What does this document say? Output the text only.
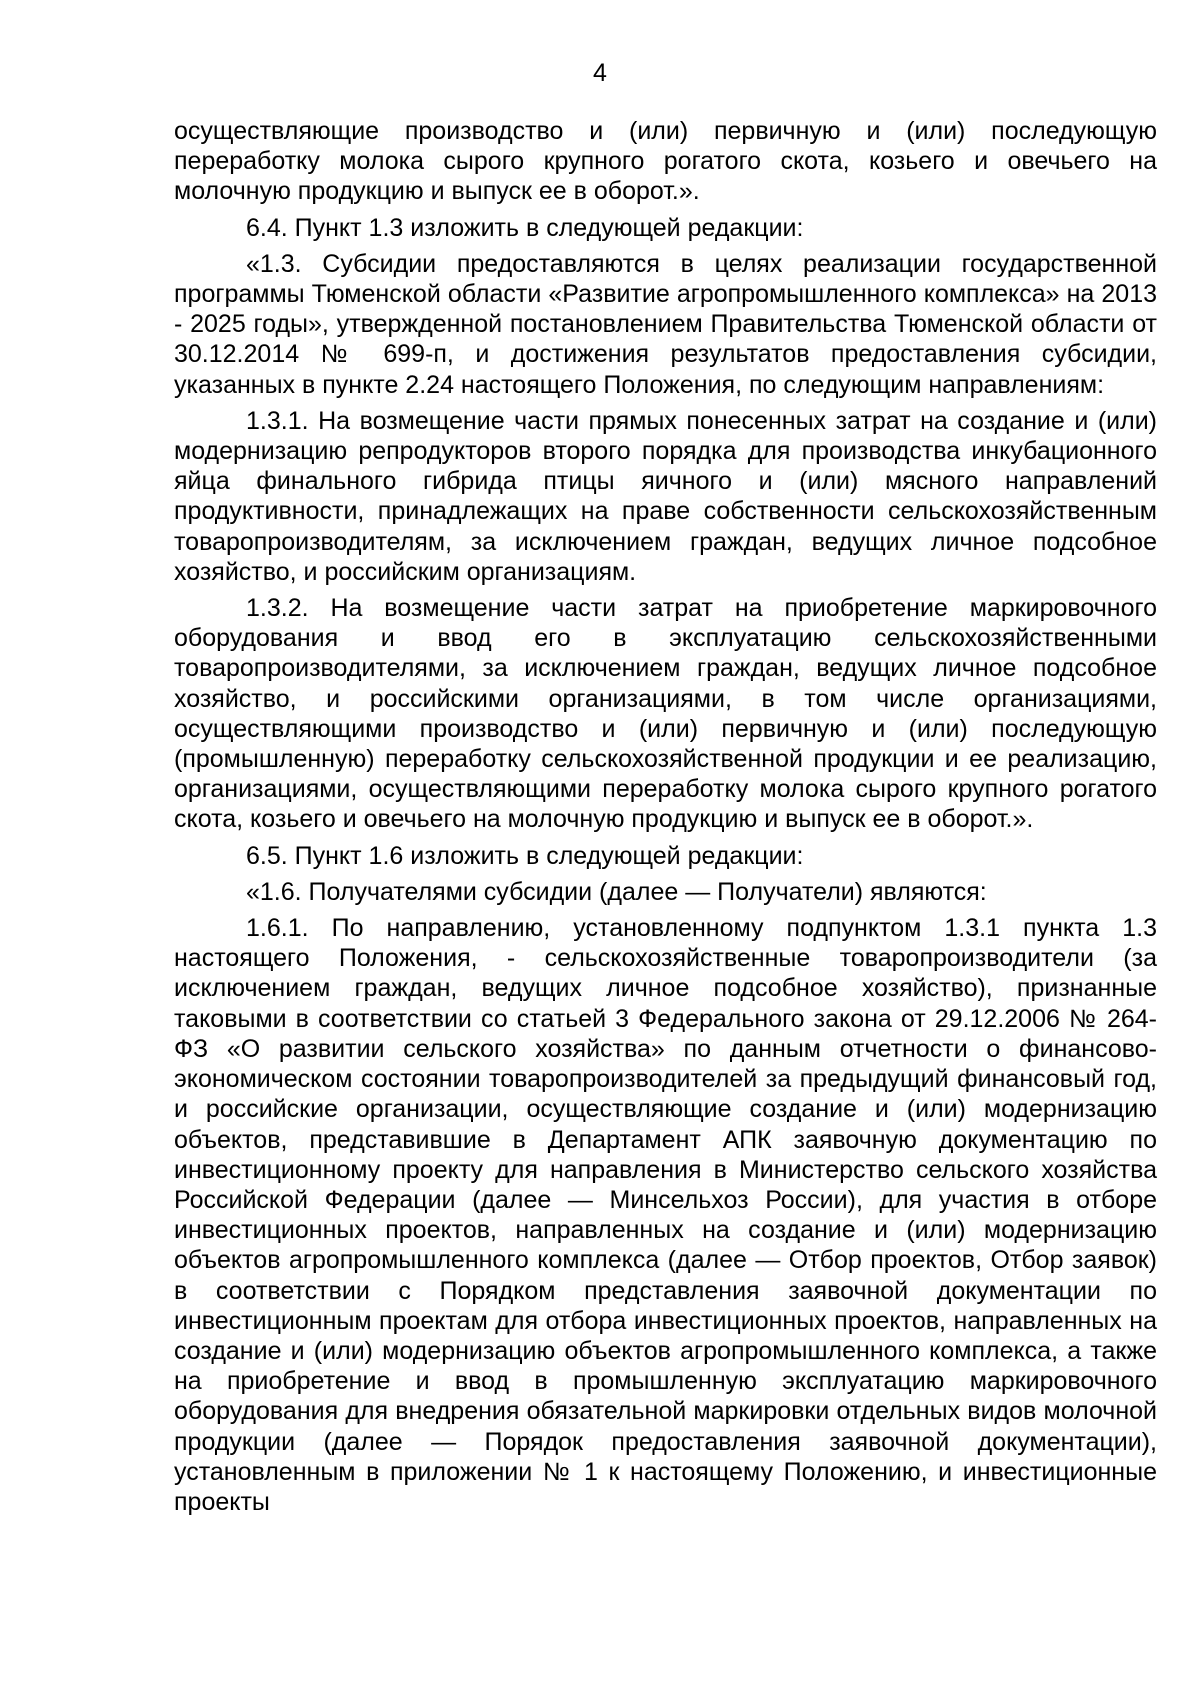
4

осуществляющие производство и (или) первичную и (или) последующую переработку молока сырого крупного рогатого скота, козьего и овечьего на молочную продукцию и выпуск ее в оборот.».

6.4. Пункт 1.3 изложить в следующей редакции:

«1.3. Субсидии предоставляются в целях реализации государственной программы Тюменской области «Развитие агропромышленного комплекса» на 2013 - 2025 годы», утвержденной постановлением Правительства Тюменской области от 30.12.2014 № 699-п, и достижения результатов предоставления субсидии, указанных в пункте 2.24 настоящего Положения, по следующим направлениям:

1.3.1. На возмещение части прямых понесенных затрат на создание и (или) модернизацию репродукторов второго порядка для производства инкубационного яйца финального гибрида птицы яичного и (или) мясного направлений продуктивности, принадлежащих на праве собственности сельскохозяйственным товаропроизводителям, за исключением граждан, ведущих личное подсобное хозяйство, и российским организациям.

1.3.2. На возмещение части затрат на приобретение маркировочного оборудования и ввод его в эксплуатацию сельскохозяйственными товаропроизводителями, за исключением граждан, ведущих личное подсобное хозяйство, и российскими организациями, в том числе организациями, осуществляющими производство и (или) первичную и (или) последующую (промышленную) переработку сельскохозяйственной продукции и ее реализацию, организациями, осуществляющими переработку молока сырого крупного рогатого скота, козьего и овечьего на молочную продукцию и выпуск ее в оборот.».

6.5. Пункт 1.6 изложить в следующей редакции:

«1.6. Получателями субсидии (далее — Получатели) являются:

1.6.1. По направлению, установленному подпунктом 1.3.1 пункта 1.3 настоящего Положения, - сельскохозяйственные товаропроизводители (за исключением граждан, ведущих личное подсобное хозяйство), признанные таковыми в соответствии со статьей 3 Федерального закона от 29.12.2006 № 264-ФЗ «О развитии сельского хозяйства» по данным отчетности о финансово-экономическом состоянии товаропроизводителей за предыдущий финансовый год, и российские организации, осуществляющие создание и (или) модернизацию объектов, представившие в Департамент АПК заявочную документацию по инвестиционному проекту для направления в Министерство сельского хозяйства Российской Федерации (далее — Минсельхоз России), для участия в отборе инвестиционных проектов, направленных на создание и (или) модернизацию объектов агропромышленного комплекса (далее — Отбор проектов, Отбор заявок) в соответствии с Порядком представления заявочной документации по инвестиционным проектам для отбора инвестиционных проектов, направленных на создание и (или) модернизацию объектов агропромышленного комплекса, а также на приобретение и ввод в промышленную эксплуатацию маркировочного оборудования для внедрения обязательной маркировки отдельных видов молочной продукции (далее — Порядок предоставления заявочной документации), установленным в приложении № 1 к настоящему Положению, и инвестиционные проекты
